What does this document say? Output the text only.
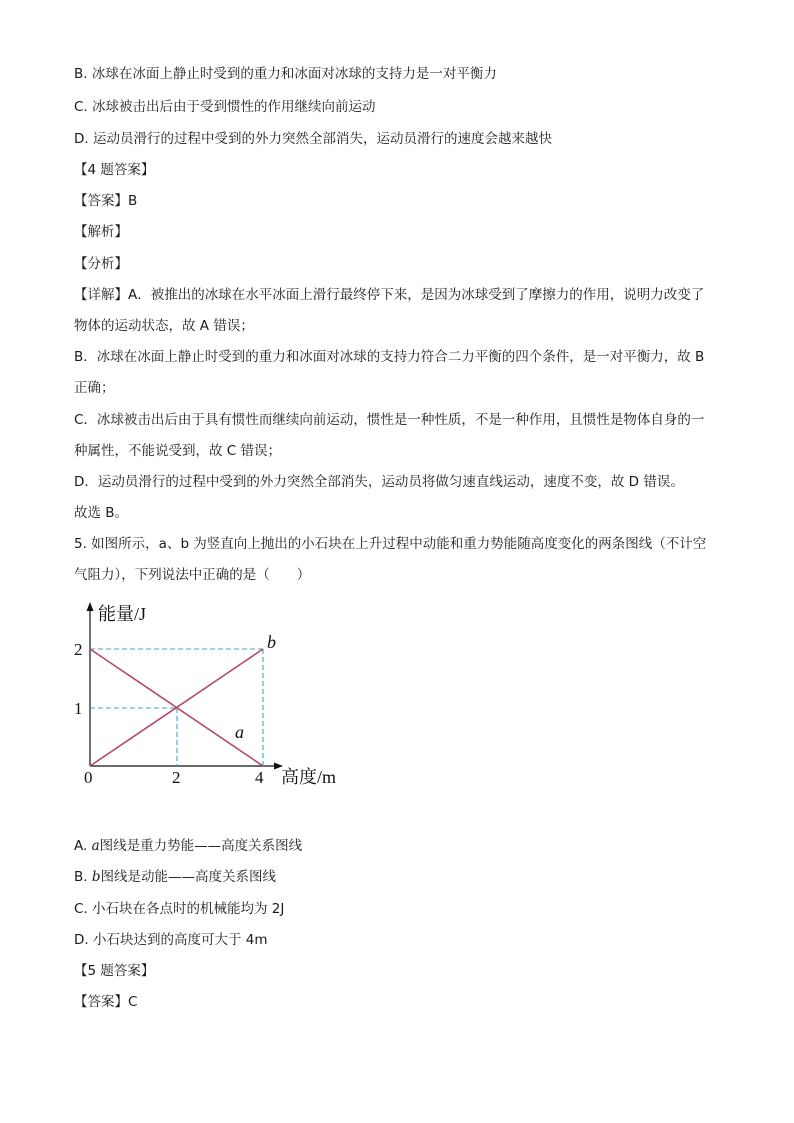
B. 冰球在冰面上静止时受到的重力和冰面对冰球的支持力是一对平衡力
C. 冰球被击出后由于受到惯性的作用继续向前运动
D. 运动员滑行的过程中受到的外力突然全部消失，运动员滑行的速度会越来越快
【4 题答案】
【答案】B
【解析】
【分析】
【详解】A．被推出的冰球在水平冰面上滑行最终停下来，是因为冰球受到了摩擦力的作用，说明力改变了
物体的运动状态，故 A 错误；
B．冰球在冰面上静止时受到的重力和冰面对冰球的支持力符合二力平衡的四个条件，是一对平衡力，故 B
正确；
C．冰球被击出后由于具有惯性而继续向前运动，惯性是一种性质，不是一种作用，且惯性是物体自身的一
种属性，不能说受到，故 C 错误；
D．运动员滑行的过程中受到的外力突然全部消失，运动员将做匀速直线运动，速度不变，故 D 错误。
故选 B。
5. 如图所示，a、b 为竖直向上抛出的小石块在上升过程中动能和重力势能随高度变化的两条图线（不计空
气阻力），下列说法中正确的是（　　）
能量/J
高度/m
0	2	4
1
2	b
a
A. a图线是重力势能——高度关系图线
B. b图线是动能——高度关系图线
C. 小石块在各点时的机械能均为 2J
D. 小石块达到的高度可大于 4m
【5 题答案】
【答案】C
